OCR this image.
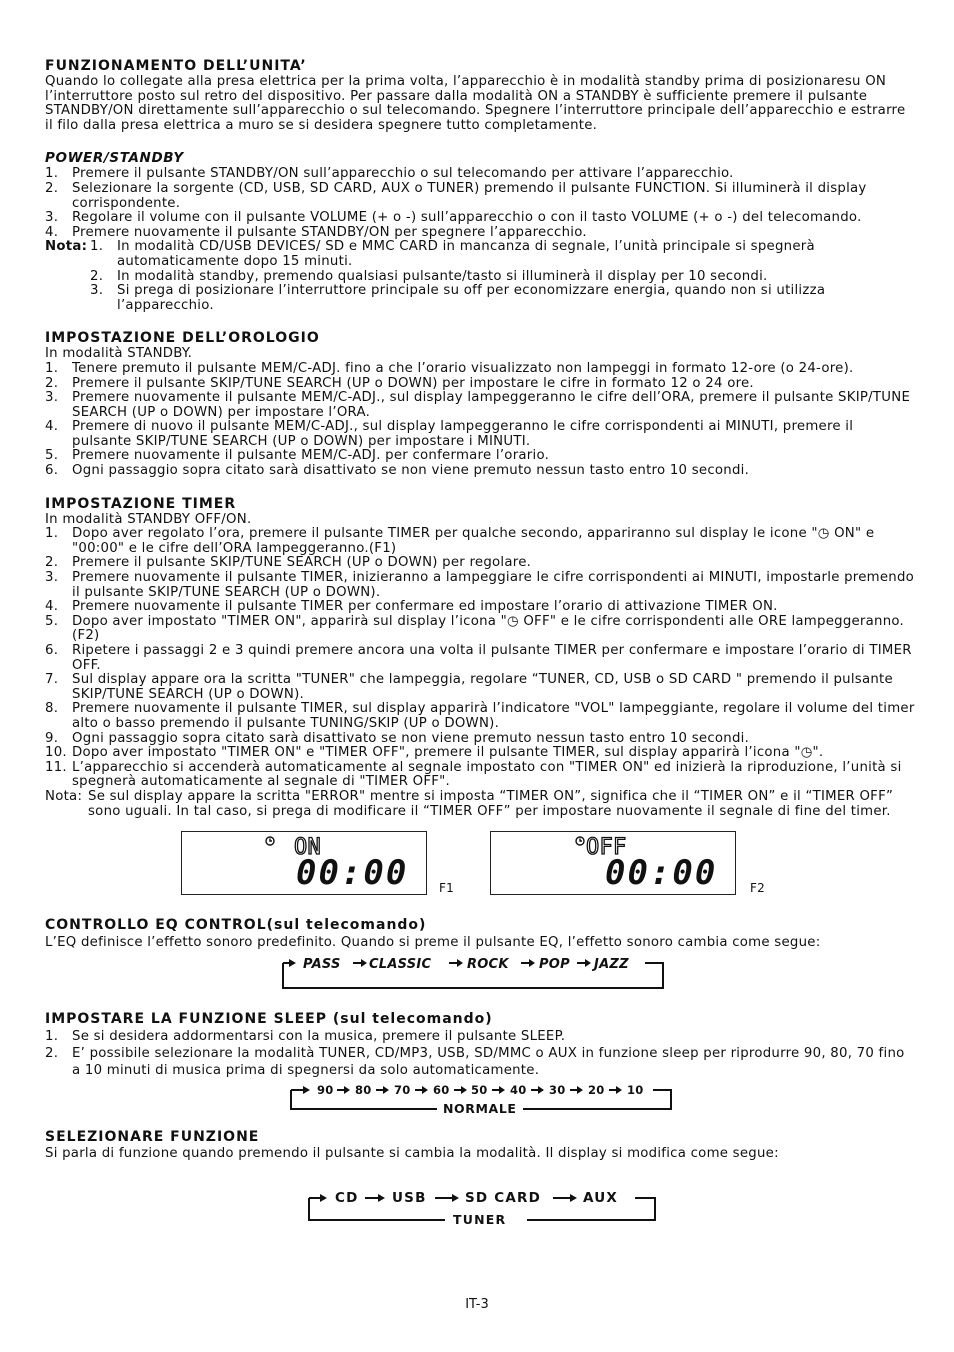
FUNZIONAMENTO DELL’UNITA’

Quando lo collegate alla presa elettrica per la prima volta, l’apparecchio è in modalità standby prima di posizionaresu ON l’interruttore posto sul retro del dispositivo. Per passare dalla modalità ON a STANDBY è sufficiente premere il pulsante STANDBY/ON direttamente sull’apparecchio o sul telecomando. Spegnere l’interruttore principale dell’apparecchio e estrarre il filo dalla presa elettrica a muro se si desidera spegnere tutto completamente.

POWER/STANDBY
1.	Premere il pulsante STANDBY/ON sull’apparecchio o sul telecomando per attivare l’apparecchio.
2.	Selezionare la sorgente (CD, USB, SD CARD, AUX o TUNER) premendo il pulsante FUNCTION. Si illuminerà il display corrispondente.
3.	Regolare il volume con il pulsante VOLUME (+ o -) sull’apparecchio o con il tasto VOLUME (+ o -) del telecomando.
4.	Premere nuovamente il pulsante STANDBY/ON per spegnere l’apparecchio.
Nota: 1.	In modalità CD/USB DEVICES/ SD e MMC CARD in mancanza di segnale, l’unità principale si spegnerà automaticamente dopo 15 minuti.
2.	In modalità standby, premendo qualsiasi pulsante/tasto si illuminerà il display per 10 secondi.
3.	Si prega di posizionare l’interruttore principale su off per economizzare energia, quando non si utilizza l’apparecchio.
IMPOSTAZIONE DELL’OROLOGIO

In modalità STANDBY.

1.	Tenere premuto il pulsante MEM/C-ADJ. fino a che l’orario visualizzato non lampeggi in formato 12-ore (o 24-ore).
2.	Premere il pulsante SKIP/TUNE SEARCH (UP o DOWN) per impostare le cifre in formato 12 o 24 ore.
3.	Premere nuovamente il pulsante MEM/C-ADJ., sul display lampeggeranno le cifre dell’ORA, premere il pulsante SKIP/TUNE SEARCH (UP o DOWN) per impostare l’ORA.
4.	Premere di nuovo il pulsante MEM/C-ADJ., sul display lampeggeranno le cifre corrispondenti ai MINUTI, premere il pulsante SKIP/TUNE SEARCH (UP o DOWN) per impostare i MINUTI.
5.	Premere nuovamente il pulsante MEM/C-ADJ. per confermare l’orario.
6.	Ogni passaggio sopra citato sarà disattivato se non viene premuto nessun tasto entro 10 secondi.
IMPOSTAZIONE TIMER

In modalità STANDBY OFF/ON.

1.	Dopo aver regolato l’ora, premere il pulsante TIMER per qualche secondo, appariranno sul display le icone "◷ ON" e "00:00" e le cifre dell’ORA lampeggeranno.(F1)
2.	Premere il pulsante SKIP/TUNE SEARCH (UP o DOWN) per regolare.
3.	Premere nuovamente il pulsante TIMER, inizieranno a lampeggiare le cifre corrispondenti ai MINUTI, impostarle premendo il pulsante SKIP/TUNE SEARCH (UP o DOWN).
4.	Premere nuovamente il pulsante TIMER per confermare ed impostare l’orario di attivazione TIMER ON.
5.	Dopo aver impostato "TIMER ON", apparirà sul display l’icona "◷ OFF" e le cifre corrispondenti alle ORE lampeggeranno.(F2)
6.	Ripetere i passaggi 2 e 3 quindi premere ancora una volta il pulsante TIMER per confermare e impostare l’orario di TIMER OFF.
7.	Sul display appare ora la scritta "TUNER" che lampeggia, regolare “TUNER, CD, USB o SD CARD " premendo il pulsante SKIP/TUNE SEARCH (UP o DOWN).
8.	Premere nuovamente il pulsante TIMER, sul display apparirà l’indicatore "VOL" lampeggiante, regolare il volume del timer alto o basso premendo il pulsante TUNING/SKIP (UP o DOWN).
9.	Ogni passaggio sopra citato sarà disattivato se non viene premuto nessun tasto entro 10 secondi.
10. Dopo aver impostato "TIMER ON" e "TIMER OFF", premere il pulsante TIMER, sul display apparirà l’icona "◷".
11. L’apparecchio si accenderà automaticamente al segnale impostato con "TIMER ON" ed inizierà la riproduzione, l’unità si spegnerà automaticamente al segnale di "TIMER OFF".
Nota: Se sul display appare la scritta "ERROR" mentre si imposta “TIMER ON”, significa che il “TIMER ON” e il “TIMER OFF” sono uguali. In tal caso, si prega di modificare il “TIMER OFF” per impostare nuovamente il segnale di fine del timer.
ON
00:00	F1
OFF
00:00	F2
CONTROLLO EQ CONTROL(sul telecomando)

L’EQ definisce l’effetto sonoro predefinito. Quando si preme il pulsante EQ, l’effetto sonoro cambia come segue:

PASS CLASSIC	ROCK POP JAZZ
IMPOSTARE LA FUNZIONE SLEEP (sul telecomando)
1.	Se si desidera addormentarsi con la musica, premere il pulsante SLEEP.
2.	E’ possibile selezionare la modalità TUNER, CD/MP3, USB, SD/MMC o AUX in funzione sleep per riprodurre 90, 80, 70 fino a 10 minuti di musica prima di spegnersi da solo automaticamente.
NORMALE
90 80 70 60 50 40 30 20 10
SELEZIONARE FUNZIONE

Si parla di funzione quando premendo il pulsante si cambia la modalità. Il display si modifica come segue:

CD USB	SD CARD	AUX
TUNER
IT-3
